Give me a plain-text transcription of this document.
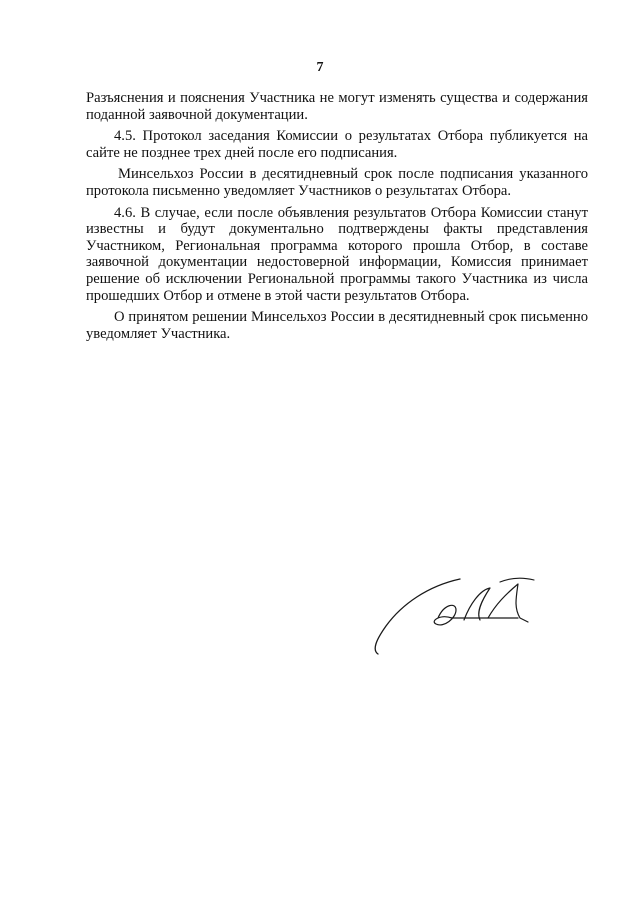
7

Разъяснения и пояснения Участника не могут изменять существа и содержания поданной заявочной документации.

4.5. Протокол заседания Комиссии о результатах Отбора публикуется на сайте не позднее трех дней после его подписания.

Минсельхоз России в десятидневный срок после подписания указанного протокола письменно уведомляет Участников о результатах Отбора.

4.6. В случае, если после объявления результатов Отбора Комиссии станут известны и будут документально подтверждены факты представления Участником, Региональная программа которого прошла Отбор, в составе заявочной документации недостоверной информации, Комиссия принимает решение об исключении Региональной программы такого Участника из числа прошедших Отбор и отмене в этой части результатов Отбора.

О принятом решении Минсельхоз России в десятидневный срок письменно уведомляет Участника.
